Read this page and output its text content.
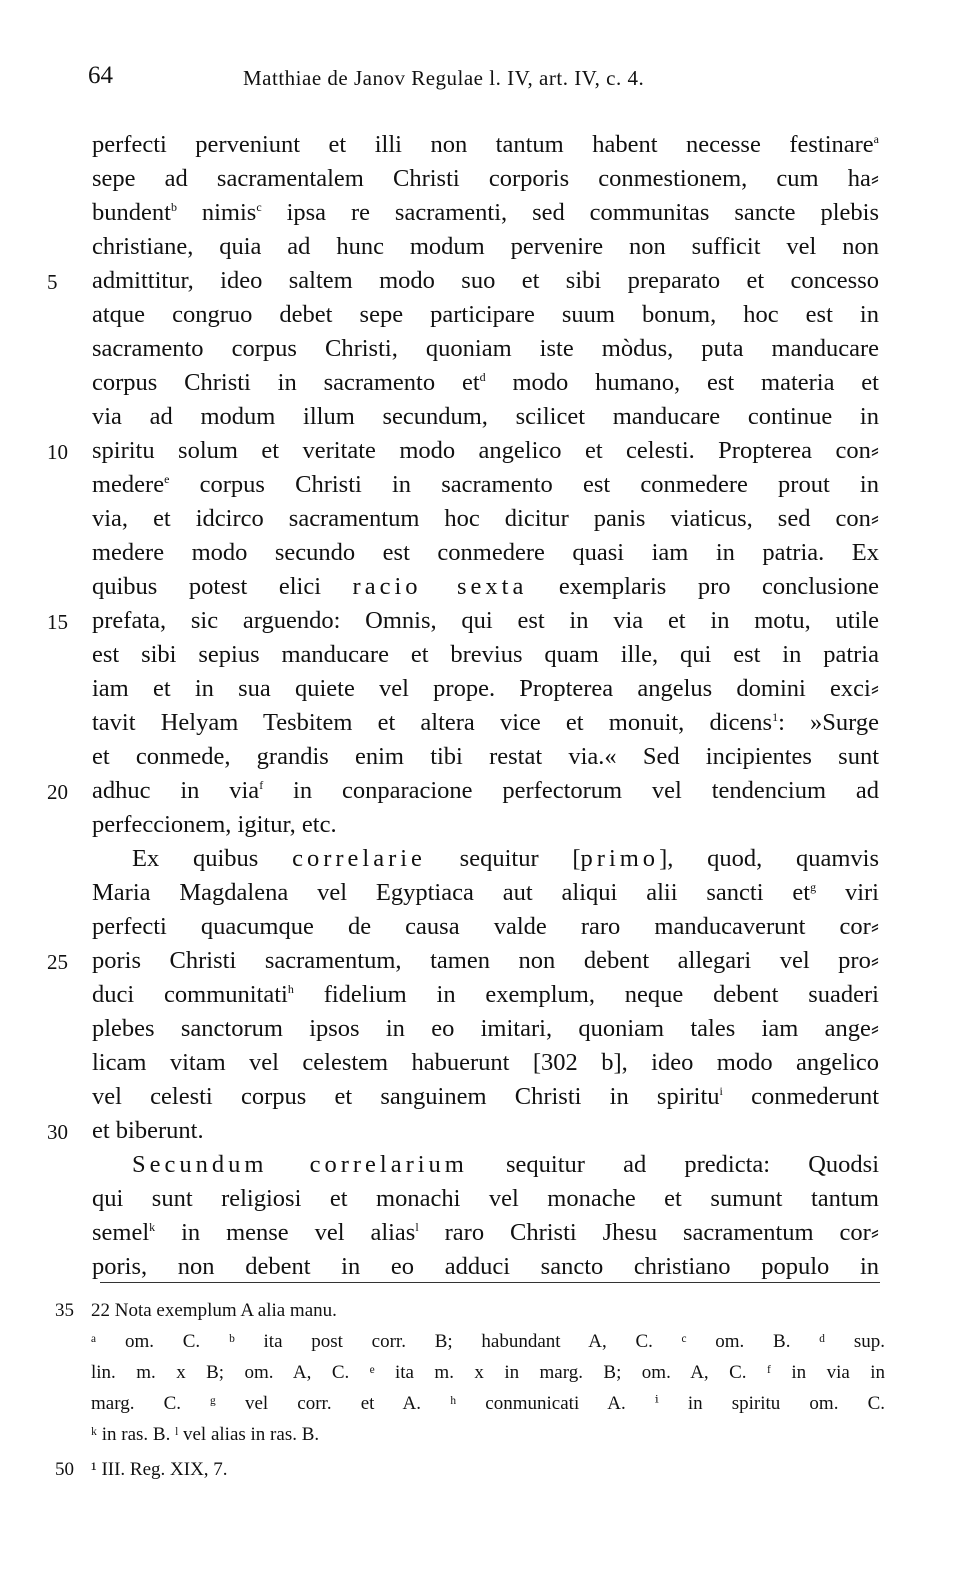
64	Matthiae de Janov Regulae l. IV, art. IV, c. 4.
perfecti perveniunt et illi non tantum habent necesse festinare$^a$
sepe ad sacramentalem Christi corporis conmestionem, cum ha⸗
bundent$^b$ nimis$^c$ ipsa re sacramenti, sed communitas sancte plebis
christiane, quia ad hunc modum pervenire non sufficit vel non
5	admittitur, ideo saltem modo suo et sibi preparato et concesso
atque congruo debet sepe participare suum bonum, hoc est in
sacramento corpus Christi, quoniam iste mòdus, puta manducare
corpus Christi in sacramento $et^d$ modo humano, est materia et
via ad modum illum secundum, scilicet manducare continue in
10 spiritu solum et veritate modo angelico et celesti. Propterea con⸗
medere$^e$ corpus Christi in sacramento est conmedere prout in
via, et idcirco sacramentum hoc dicitur panis viaticus, sed con⸗
medere modo secundo est conmedere quasi iam in patria. Ex
quibus potest elici racio sexta exemplaris pro conclusione
15 prefata, sic arguendo: Omnis, qui est in via et in motu, utile
est sibi sepius manducare et brevius quam ille, qui est in patria
iam et in sua quiete vel prope. Propterea angelus domini exci⸗
tavit Helyam Tesbitem et altera vice et monuit, dicens$^1$: »Surge
et conmede, grandis enim tibi restat via.« Sed incipientes sunt
20 adhuc in via$^f$ in conparacione perfectorum vel tendencium ad
perfeccionem, igitur, etc.
Ex quibus correlarie sequitur [primo], quod, quamvis
Maria Magdalena vel Egyptiaca aut aliqui alii sancti $et^g$ viri
perfecti quacumque de causa valde raro manducaverunt cor⸗
25 poris Christi sacramentum, tamen non debent allegari vel pro⸗
duci communitati$^h$ fidelium in exemplum, neque debent suaderi
plebes sanctorum ipsos in eo imitari, quoniam tales iam ange⸗
licam vitam vel celestem habuerunt [302 b], ideo modo angelico
vel celesti corpus et sanguinem Christi in spiritu$^i$ conmederunt
30 et biberunt.
Secundum correlarium sequitur ad predicta: Quodsi
qui sunt religiosi et monachi vel monache et sumunt tantum
semel$^k$ in mense vel alias$^l$ raro Christi Jhesu sacramentum cor⸗
poris, non debent in eo adduci sancto christiano populo in
35 22 Nota exemplum A alia manu.
ᵃ om. C. ᵇ ita post corr. B; habundant A, C. ᶜ om. B. ᵈ sup.
lin. m. x B; om. A, C. ᵉ ita m. x in marg. B; om. A, C. ᶠ in via in
marg. C. ᵍ vel corr. et A. ʰ conmunicati A. ⁱ in spiritu om. C.
ᵏ in ras. B. ˡ vel alias in ras. B.
50 ¹ III. Reg. XIX, 7.
